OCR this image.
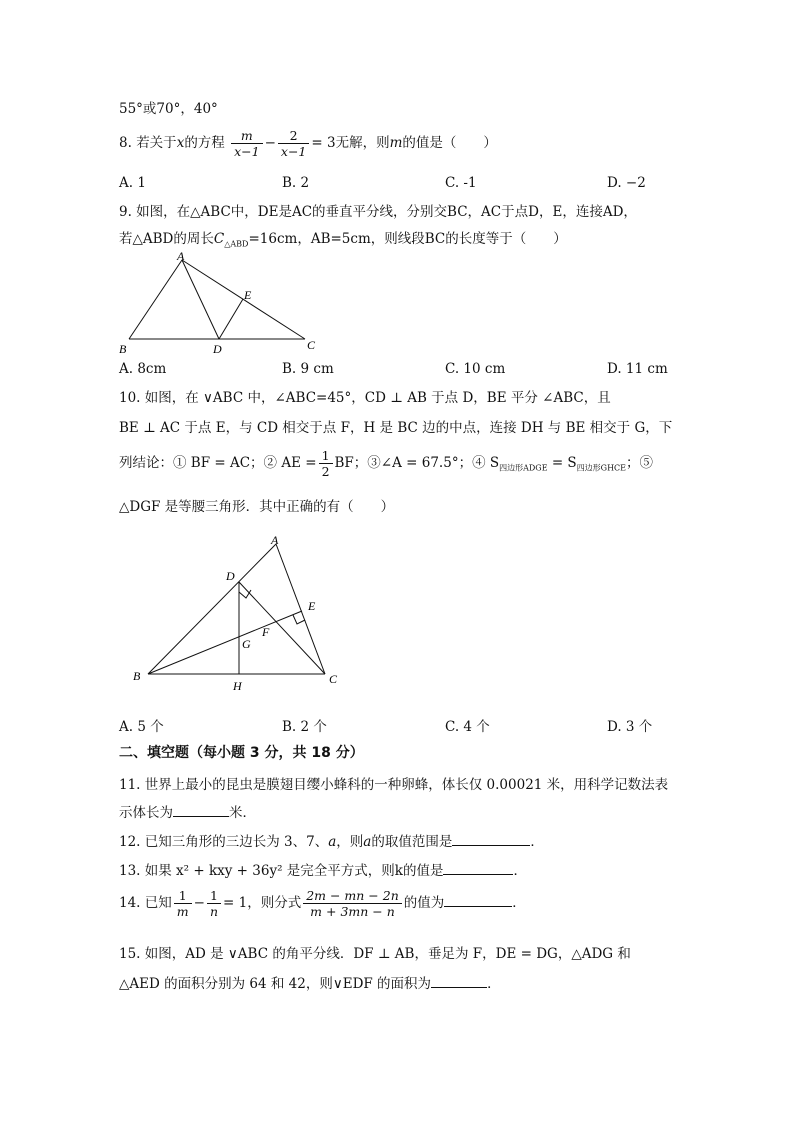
55°或70°，40°
8. 若关于x的方程 $\frac{m}{x-1} - \frac{2}{x-1} = 3$无解，则m的值是（　　）
A. 1	B. 2	C. -1	D. −2
9. 如图，在△ABC中，DE是AC的垂直平分线，分别交BC，AC于点D，E，连接AD，
若△ABD的周长$C_{\triangle ABD}=16cm$，AB=5cm，则线段BC的长度等于（　　）
A
B	C
D
E
A. 8cm	B. 9 cm	C. 10 cm	D. 11 cm
10. 如图，在 ∨ABC 中，∠ABC=45°，CD ⊥ AB 于点 D，BE 平分 ∠ABC，且
BE ⊥ AC 于点 E，与 CD 相交于点 F，H 是 BC 边的中点，连接 DH 与 BE 相交于 G，下
列结论：① BF = AC；② AE = $\frac{1}{2}$ BF；③∠A = 67.5°；④ $S_{四边形ADGE} = S_{四边形GHCE}$；⑤
△DGF 是等腰三角形．其中正确的有（　　）
A
B	C
D
E
F
G
H
A. 5 个	B. 2 个	C. 4 个	D. 3 个
二、填空题（每小题 3 分，共 18 分）
11. 世界上最小的昆虫是膜翅目缨小蜂科的一种卵蜂，体长仅 0.00021 米，用科学记数法表
示体长为	米．
12. 已知三角形的三边长为 3、7、a，则a的取值范围是	．
13. 如果 x² + kxy + 36y² 是完全平方式，则k的值是	．
14. 已知 $\frac{1}{m} - \frac{1}{n} = 1$，则分式 $\frac{2m - mn - 2n}{m + 3mn - n}$ 的值为	．
15. 如图，AD 是 ∨ABC 的角平分线．DF ⊥ AB，垂足为 F，DE = DG，△ADG 和
△AED 的面积分别为 64 和 42，则∨EDF 的面积为	．
